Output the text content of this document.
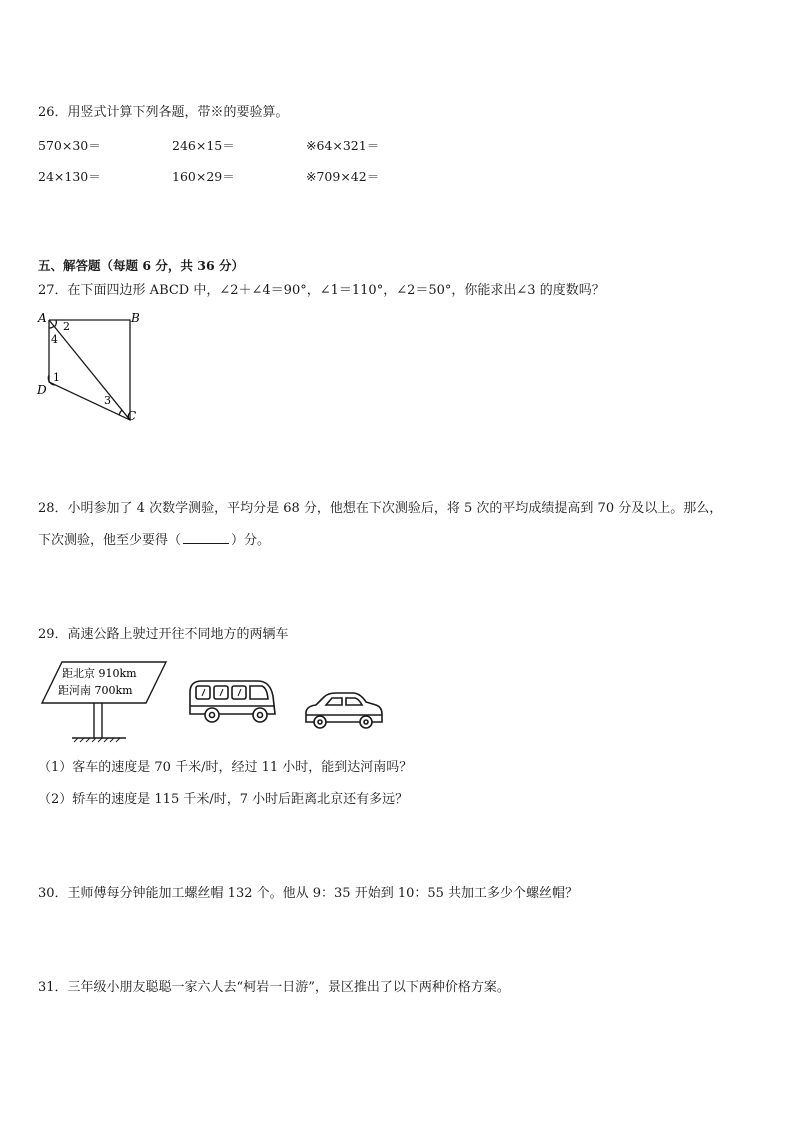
26．用竖式计算下列各题，带※的要验算。
570×30＝	246×15＝	※64×321＝
24×130＝	160×29＝	※709×42＝
五、解答题（每题 6 分，共 36 分）
27．在下面四边形 ABCD 中，∠2＋∠4＝90°，∠1＝110°，∠2＝50°，你能求出∠3 的度数吗？
A	B
C
D
2
4
1
3
28．小明参加了 4 次数学测验，平均分是 68 分，他想在下次测验后，将 5 次的平均成绩提高到 70 分及以上。那么，
下次测验，他至少要得（	）分。
29．高速公路上驶过开往不同地方的两辆车
距北京 910km
距河南 700km
（1）客车的速度是 70 千米/时，经过 11 小时，能到达河南吗？
（2）轿车的速度是 115 千米/时，7 小时后距离北京还有多远？
30．王师傅每分钟能加工螺丝帽 132 个。他从 9：35 开始到 10：55 共加工多少个螺丝帽？
31．三年级小朋友聪聪一家六人去“柯岩一日游”，景区推出了以下两种价格方案。
